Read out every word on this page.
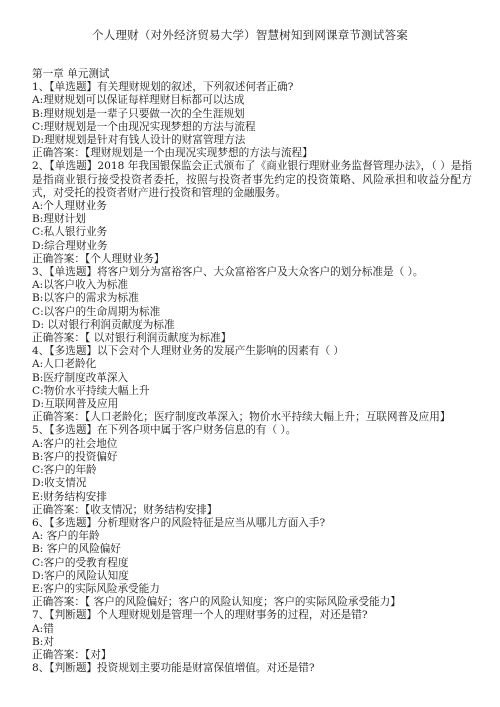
个人理财（对外经济贸易大学）智慧树知到网课章节测试答案
第一章 单元测试
1、【单选题】有关理财规划的叙述，下列叙述何者正确?
A:理财规划可以保证每样理财目标都可以达成
B:理财规划是一辈子只要做一次的全生涯规划
C:理财规划是一个由现况实现梦想的方法与流程
D:理财规划是针对有钱人设计的财富管理方法
正确答案：【理财规划是一个由现况实现梦想的方法与流程】
2、【单选题】2018 年我国银保监会正式颁布了《商业银行理财业务监督管理办法》，（ ）是指是指商业银行接受投资者委托，按照与投资者事先约定的投资策略、风险承担和收益分配方式，对受托的投资者财产进行投资和管理的金融服务。
A:个人理财业务
B:理财计划
C:私人银行业务
D:综合理财业务
正确答案：【个人理财业务】
3、【单选题】将客户划分为富裕客户、大众富裕客户及大众客户的划分标准是（ ）。
A:以客户收入为标准
B:以客户的需求为标准
C:以客户的生命周期为标准
D: 以对银行利润贡献度为标准
正确答案：【 以对银行利润贡献度为标准】
4、【多选题】以下会对个人理财业务的发展产生影响的因素有（ ）
A:人口老龄化
B:医疗制度改革深入
C:物价水平持续大幅上升
D:互联网普及应用
正确答案：【人口老龄化；医疗制度改革深入；物价水平持续大幅上升；互联网普及应用】
5、【多选题】在下列各项中属于客户财务信息的有（ ）。
A:客户的社会地位
B:客户的投资偏好
C:客户的年龄
D:收支情况
E:财务结构安排
正确答案：【收支情况；财务结构安排】
6、【多选题】分析理财客户的风险特征是应当从哪儿方面入手?
A: 客户的年龄
B: 客户的风险偏好
C:客户的受教育程度
D:客户的风险认知度
E:客户的实际风险承受能力
正确答案：【 客户的风险偏好；客户的风险认知度；客户的实际风险承受能力】
7、【判断题】个人理财规划是管理一个人的理财事务的过程，对还是错?
A:错
B:对
正确答案：【对】
8、【判断题】投资规划主要功能是财富保值增值。对还是错?
